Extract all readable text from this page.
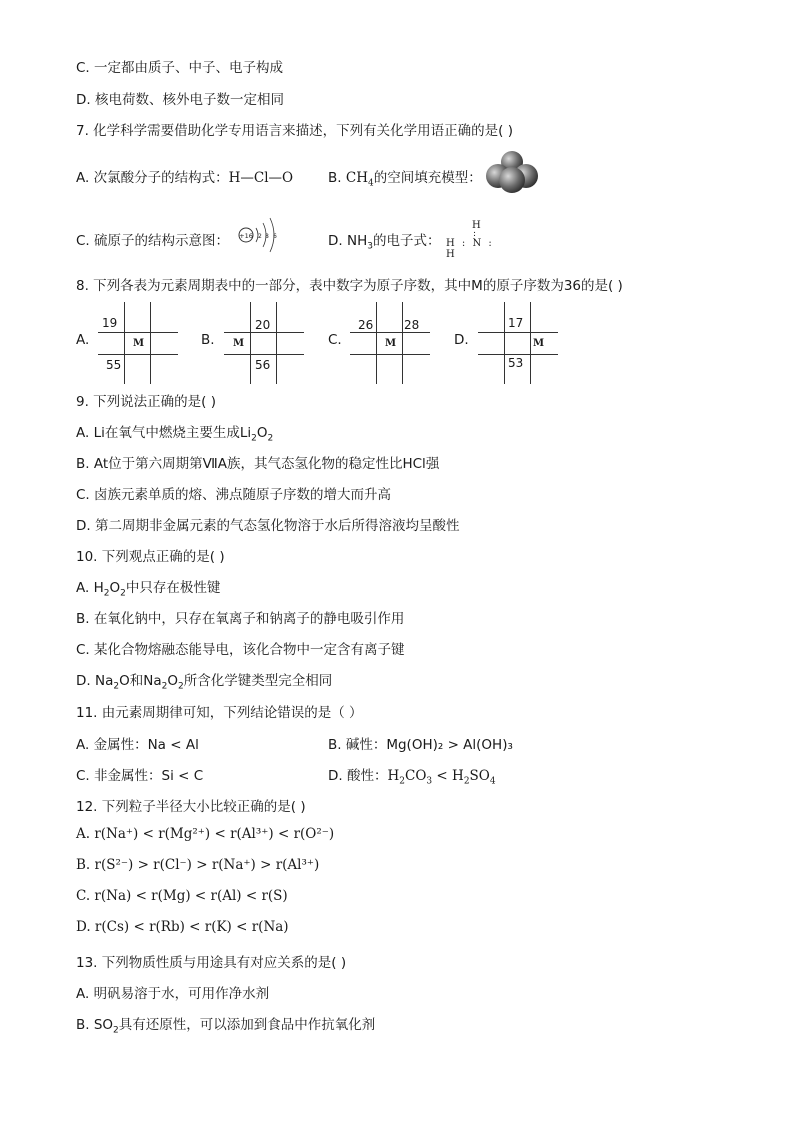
C. 一定都由质子、中子、电子构成
D. 核电荷数、核外电子数一定相同
7. 化学科学需要借助化学专用语言来描述，下列有关化学用语正确的是( )
A. 次氯酸分子的结构式：H—Cl—O	B. $CH_4$的空间填充模型：
C. 硫原子的结构示意图： +16 2 8 6	D. $NH_3$的电子式：
H
:
H : N : H
8. 下列各表为元素周期表中的一部分，表中数字为原子序数，其中M的原子序数为36的是( )
A.
19
M
55
B.
20
M
56
C.
26
M
28
D.
17
M
53
9. 下列说法正确的是( )
A. Li在氧气中燃烧主要生成$Li_2O_2$
B. At位于第六周期第ⅦA族，其气态氢化物的稳定性比HCl强
C. 卤族元素单质的熔、沸点随原子序数的增大而升高
D. 第二周期非金属元素的气态氢化物溶于水后所得溶液均呈酸性
10. 下列观点正确的是( )
A. $H_2O_2$中只存在极性键
B. 在氧化钠中，只存在氧离子和钠离子的静电吸引作用
C. 某化合物熔融态能导电，该化合物中一定含有离子键
D. $Na_2O$和$Na_2O_2$所含化学键类型完全相同
11. 由元素周期律可知，下列结论错误的是（ ）
A. 金属性：Na < Al	B. 碱性：Mg(OH)₂ > Al(OH)₃
C. 非金属性：Si < C	D. 酸性：$H_2CO_3 < H_2SO_4$
12. 下列粒子半径大小比较正确的是( )
A. r(Na⁺) < r(Mg²⁺) < r(Al³⁺) < r(O²⁻)
B. r(S²⁻) > r(Cl⁻) > r(Na⁺) > r(Al³⁺)
C. r(Na) < r(Mg) < r(Al) < r(S)
D. r(Cs) < r(Rb) < r(K) < r(Na)
13. 下列物质性质与用途具有对应关系的是( )
A. 明矾易溶于水，可用作净水剂
B. $SO_2$具有还原性，可以添加到食品中作抗氧化剂
